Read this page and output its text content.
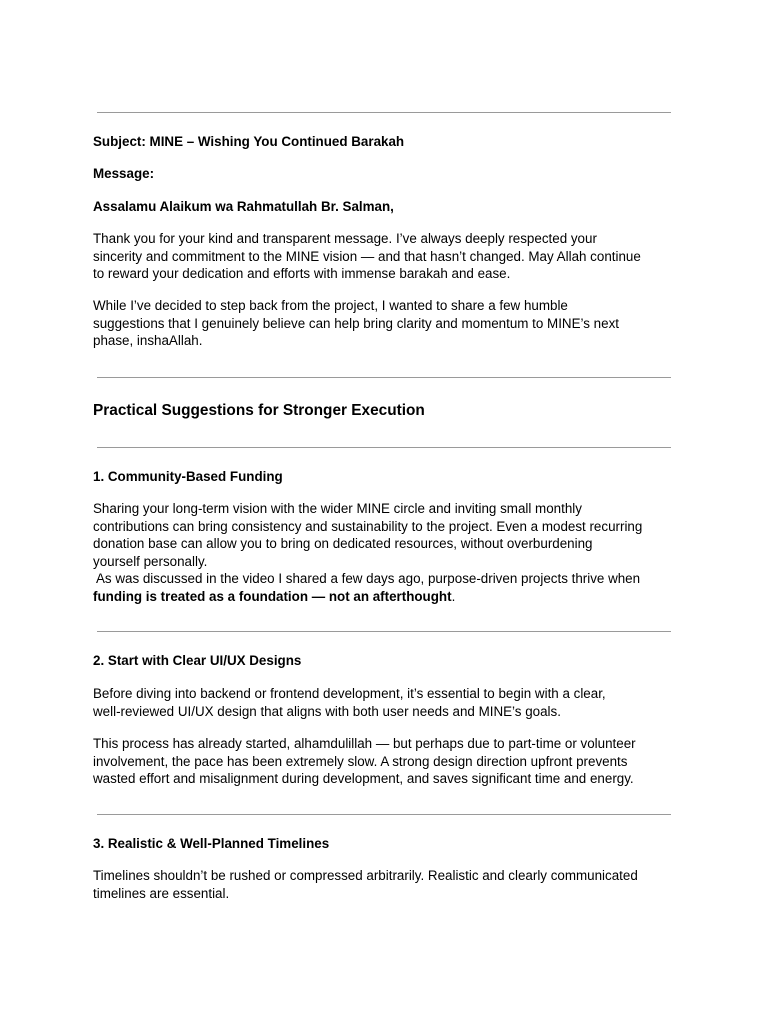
Subject: MINE – Wishing You Continued Barakah
Message:
Assalamu Alaikum wa Rahmatullah Br. Salman,
Thank you for your kind and transparent message. I’ve always deeply respected your
sincerity and commitment to the MINE vision — and that hasn’t changed. May Allah continue
to reward your dedication and efforts with immense barakah and ease.
While I’ve decided to step back from the project, I wanted to share a few humble
suggestions that I genuinely believe can help bring clarity and momentum to MINE’s next
phase, inshaAllah.
Practical Suggestions for Stronger Execution
1. Community-Based Funding
Sharing your long-term vision with the wider MINE circle and inviting small monthly
contributions can bring consistency and sustainability to the project. Even a modest recurring
donation base can allow you to bring on dedicated resources, without overburdening
yourself personally.
As was discussed in the video I shared a few days ago, purpose-driven projects thrive when
funding is treated as a foundation — not an afterthought.
2. Start with Clear UI/UX Designs
Before diving into backend or frontend development, it’s essential to begin with a clear,
well-reviewed UI/UX design that aligns with both user needs and MINE’s goals.
This process has already started, alhamdulillah — but perhaps due to part-time or volunteer
involvement, the pace has been extremely slow. A strong design direction upfront prevents
wasted effort and misalignment during development, and saves significant time and energy.
3. Realistic & Well-Planned Timelines
Timelines shouldn’t be rushed or compressed arbitrarily. Realistic and clearly communicated
timelines are essential.
